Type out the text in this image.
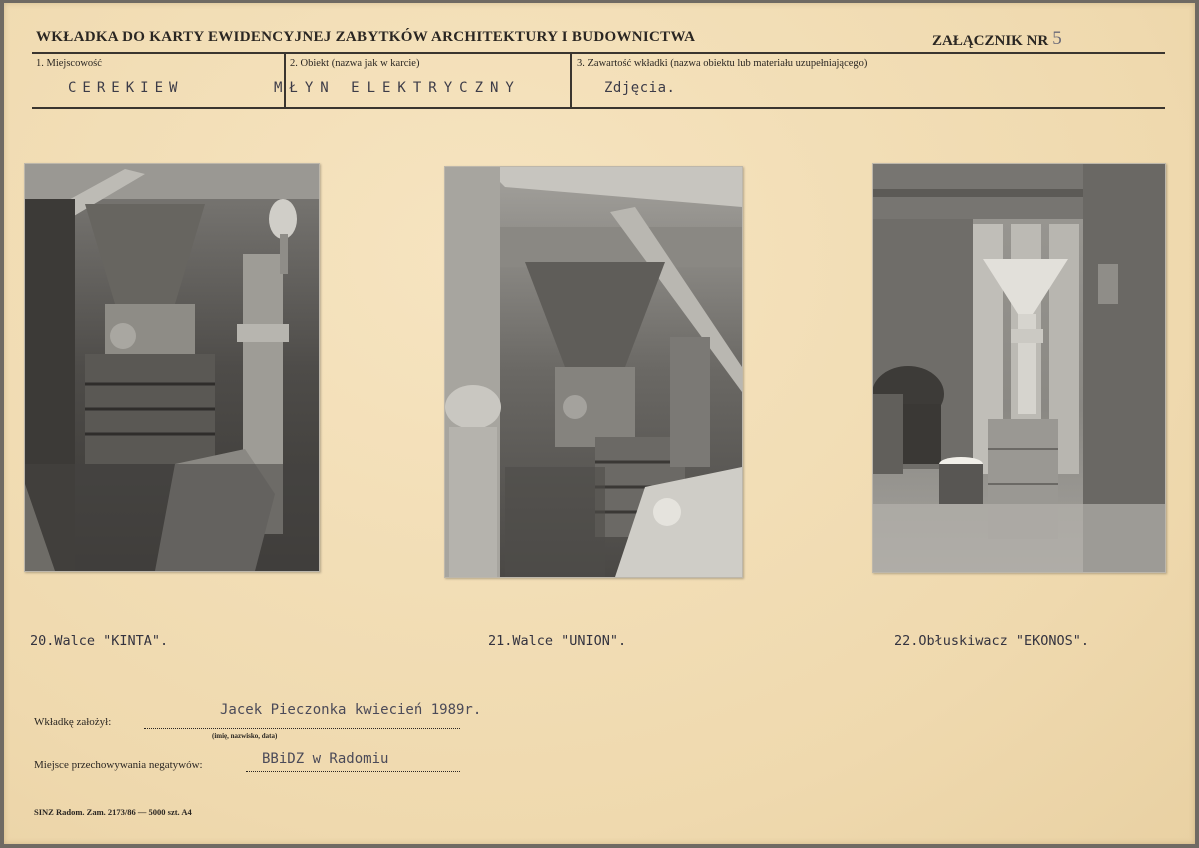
WKŁADKA DO KARTY EWIDENCYJNEJ ZABYTKÓW ARCHITEKTURY I BUDOWNICTWA	ZAŁĄCZNIK NR 5
1. Miejscowość
CEREKIEW
2. Obiekt (nazwa jak w karcie)
MŁYN ELEKTRYCZNY
3. Zawartość wkładki (nazwa obiektu lub materiału uzupełniającego)
Zdjęcia.
20.Walce "KINTA".	21.Walce "UNION".	22.Obłuskiwacz "EKONOS".
Wkładkę założył:
Jacek Pieczonka kwiecień 1989r.
(imię, nazwisko, data)
Miejsce przechowywania negatywów:	BBiDZ w Radomiu
SINZ Radom. Zam. 2173/86 — 5000 szt. A4
